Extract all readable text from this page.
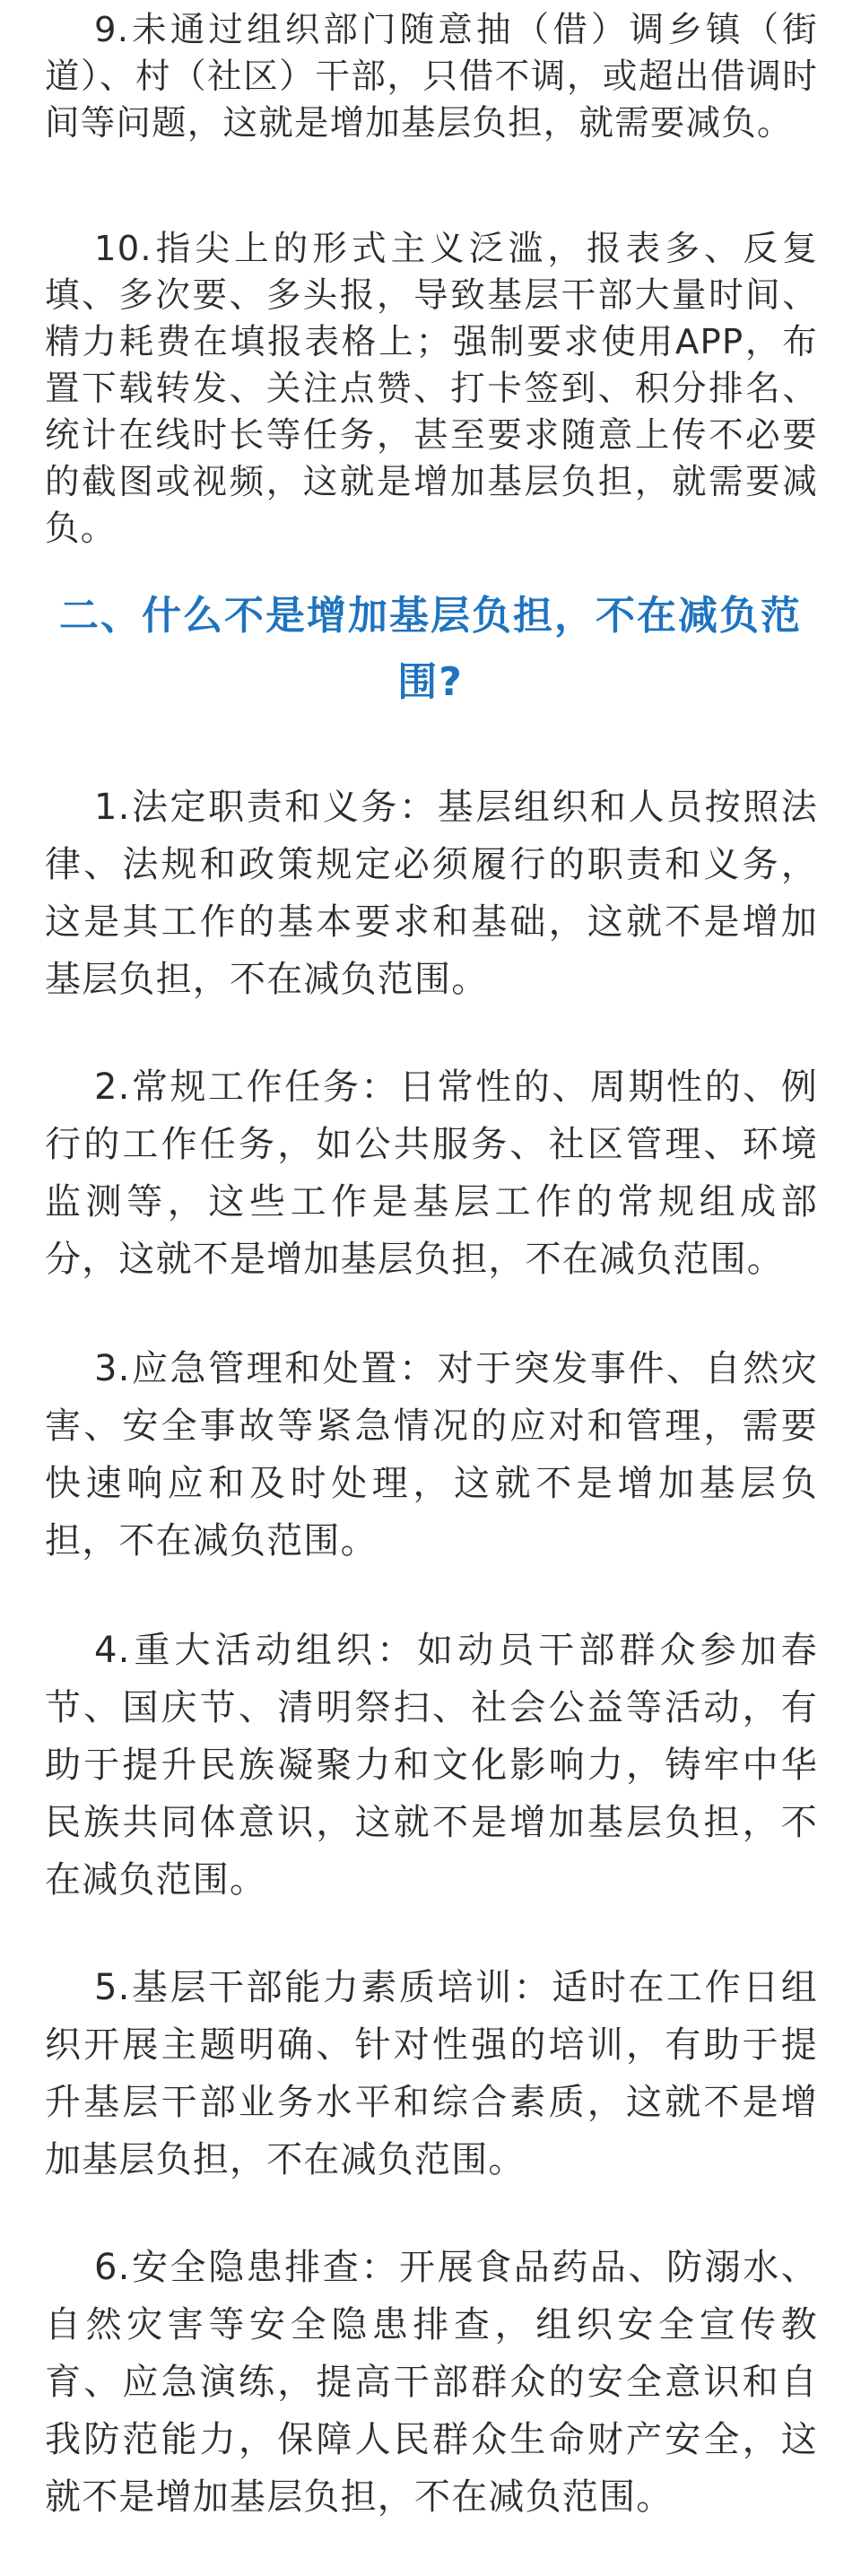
9.未通过组织部门随意抽（借）调乡镇（街道）、村（社区）干部，只借不调，或超出借调时间等问题，这就是增加基层负担，就需要减负。

10.指尖上的形式主义泛滥，报表多、反复填、多次要、多头报，导致基层干部大量时间、精力耗费在填报表格上；强制要求使用APP，布置下载转发、关注点赞、打卡签到、积分排名、统计在线时长等任务，甚至要求随意上传不必要的截图或视频，这就是增加基层负担，就需要减负。

二、什么不是增加基层负担，不在减负范围?

1.法定职责和义务：基层组织和人员按照法律、法规和政策规定必须履行的职责和义务，这是其工作的基本要求和基础，这就不是增加基层负担，不在减负范围。

2.常规工作任务：日常性的、周期性的、例行的工作任务，如公共服务、社区管理、环境监测等，这些工作是基层工作的常规组成部分，这就不是增加基层负担，不在减负范围。

3.应急管理和处置：对于突发事件、自然灾害、安全事故等紧急情况的应对和管理，需要快速响应和及时处理，这就不是增加基层负担，不在减负范围。

4.重大活动组织：如动员干部群众参加春节、国庆节、清明祭扫、社会公益等活动，有助于提升民族凝聚力和文化影响力，铸牢中华民族共同体意识，这就不是增加基层负担，不在减负范围。

5.基层干部能力素质培训：适时在工作日组织开展主题明确、针对性强的培训，有助于提升基层干部业务水平和综合素质，这就不是增加基层负担，不在减负范围。

6.安全隐患排查：开展食品药品、防溺水、自然灾害等安全隐患排查，组织安全宣传教育、应急演练，提高干部群众的安全意识和自我防范能力，保障人民群众生命财产安全，这就不是增加基层负担，不在减负范围。
